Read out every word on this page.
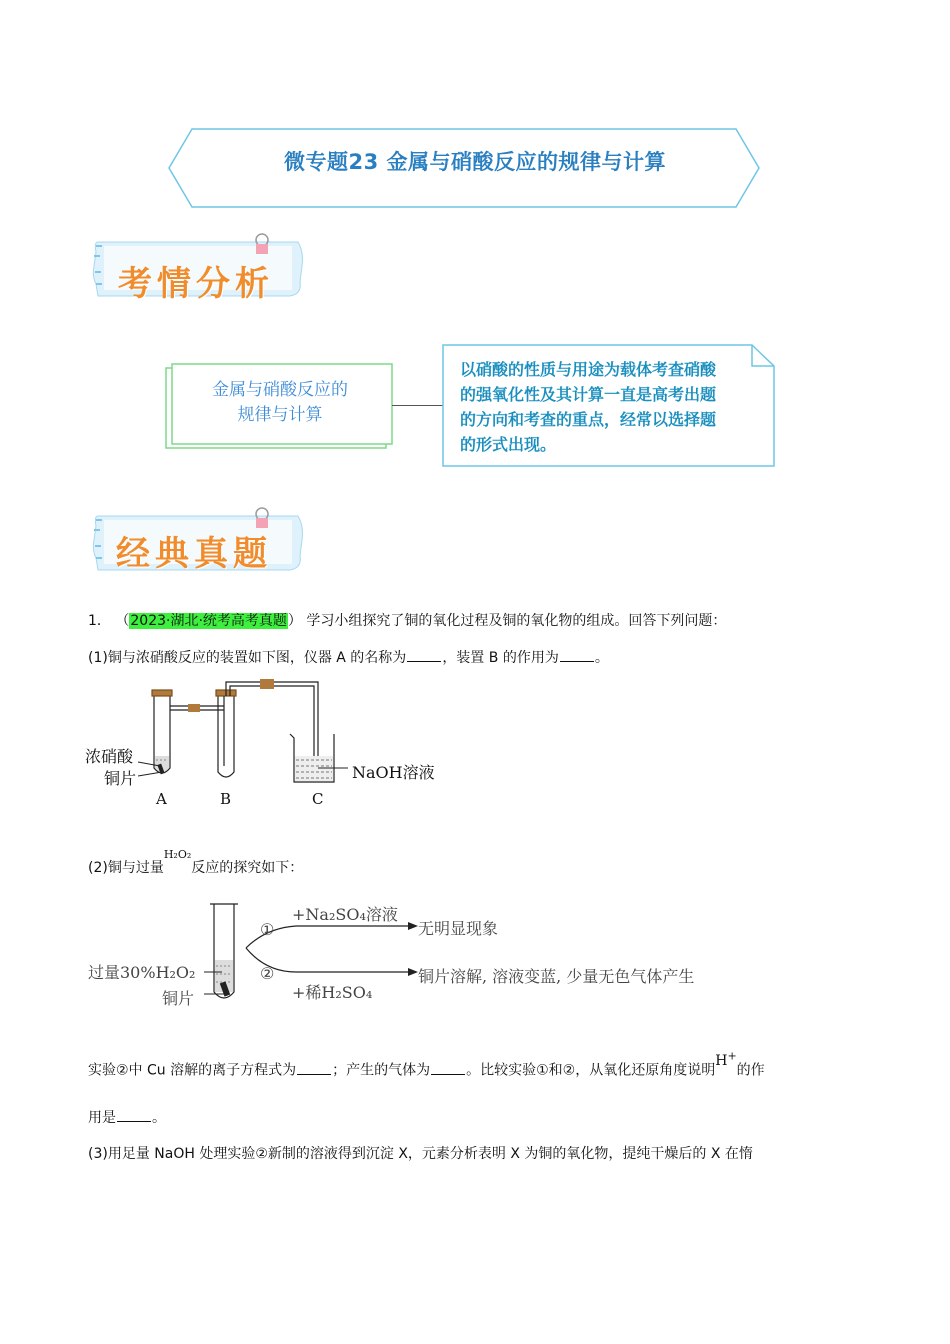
微专题23 金属与硝酸反应的规律与计算
考情分析
金属与硝酸反应的
规律与计算
以硝酸的性质与用途为载体考查硝酸
的强氧化性及其计算一直是高考出题
的方向和考查的重点，经常以选择题
的形式出现。
经典真题
1． （2023·湖北·统考高考真题） 学习小组探究了铜的氧化过程及铜的氧化物的组成。回答下列问题：
(1)铜与浓硝酸反应的装置如下图，仪器 A 的名称为	，装置 B 的作用为	。
浓硝酸
铜片	NaOH溶液
A	B	C
(2)铜与过量$^{H_2O_2}$反应的探究如下：
过量30%H₂O₂
铜片
①
②
+Na₂SO₄溶液
+稀H₂SO₄
无明显现象
铜片溶解, 溶液变蓝, 少量无色气体产生
实验②中 Cu 溶解的离子方程式为	；产生的气体为	。比较实验①和②，从氧化还原角度说明H+的作
用是	。
(3)用足量 NaOH 处理实验②新制的溶液得到沉淀 X，元素分析表明 X 为铜的氧化物，提纯干燥后的 X 在惰
